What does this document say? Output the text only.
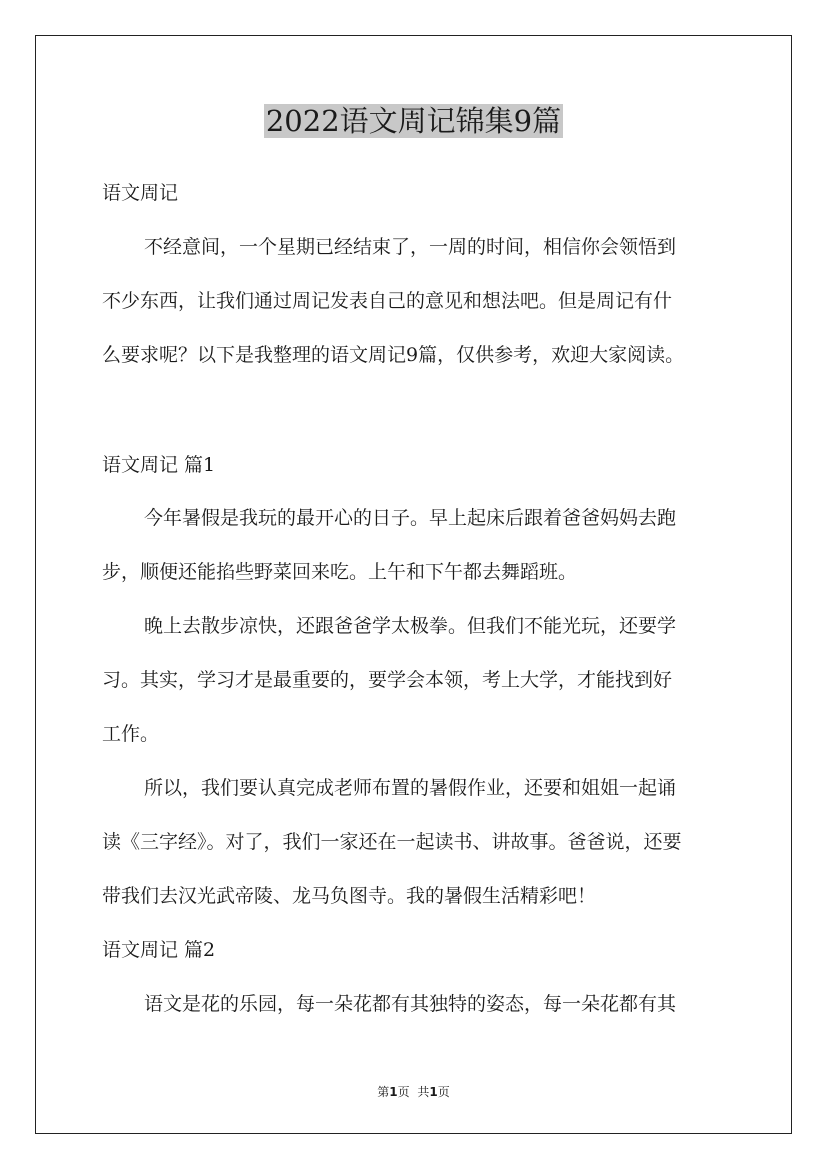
2022语文周记锦集9篇
语文周记
不经意间，一个星期已经结束了，一周的时间，相信你会领悟到
不少东西，让我们通过周记发表自己的意见和想法吧。但是周记有什
么要求呢？以下是我整理的语文周记9篇，仅供参考，欢迎大家阅读。
语文周记 篇1
今年暑假是我玩的最开心的日子。早上起床后跟着爸爸妈妈去跑
步，顺便还能掐些野菜回来吃。上午和下午都去舞蹈班。
晚上去散步凉快，还跟爸爸学太极拳。但我们不能光玩，还要学
习。其实，学习才是最重要的，要学会本领，考上大学，才能找到好
工作。
所以，我们要认真完成老师布置的暑假作业，还要和姐姐一起诵
读《三字经》。对了，我们一家还在一起读书、讲故事。爸爸说，还要
带我们去汉光武帝陵、龙马负图寺。我的暑假生活精彩吧！
语文周记 篇2
语文是花的乐园，每一朵花都有其独特的姿态，每一朵花都有其
第1页 共1页
